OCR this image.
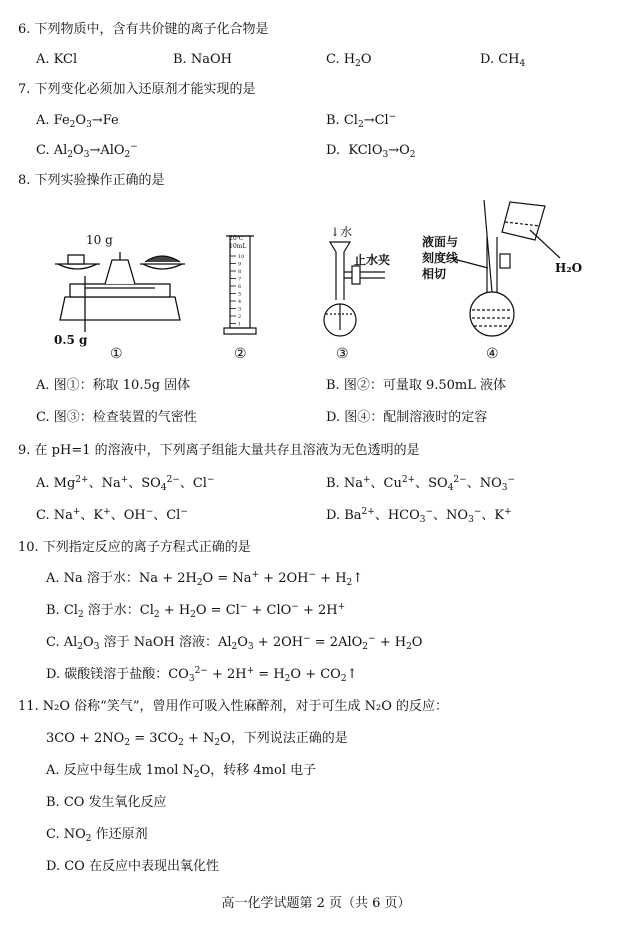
6. 下列物质中，含有共价键的离子化合物是
A. KCl	B. NaOH	C. $H_2O$	D. $CH_4$
7. 下列变化必须加入还原剂才能实现的是
A. $Fe_2O_3\to Fe$	B. $Cl_2\to Cl^-$
C. $Al_2O_3\to AlO_2^-$	D.  $KClO_3\to O_2$
8. 下列实验操作正确的是
10 g
0.5 g
①
10
9
8
7
6
5
4
3
2
1
20℃
10mL
②
↓水
止水夹
③
液面与
刻度线
相切	H₂O
④
A. 图①：称取 10.5g 固体	B. 图②：可量取 9.50mL 液体
C. 图③：检查装置的气密性	D. 图④：配制溶液时的定容
9. 在 pH=1 的溶液中，下列离子组能大量共存且溶液为无色透明的是
A. $Mg^{2+}$、Na+、$SO_4^{2-}$、Cl−	B. Na+、$Cu^{2+}$、$SO_4^{2-}$、$NO_3^-$
C. Na+、K+、OH−、Cl−	D. $Ba^{2+}$、$HCO_3^-$、$NO_3^-$、K+
10. 下列指定反应的离子方程式正确的是
A. Na 溶于水：$Na + 2H_2O = Na^+ + 2OH^-$ + $H_2↑$
B. $Cl_2$ 溶于水：$Cl_2 + H_2O = Cl^- + ClO^- + 2H^+$
C. $Al_2O_3$ 溶于 NaOH 溶液：$Al_2O_3 + 2OH^- = 2AlO_2^- + H_2O$
D. 碳酸镁溶于盐酸：$CO_3^{2-} + 2H^+ = H_2O$ + $CO_2↑$
11. N₂O 俗称“笑气”，曾用作可吸入性麻醉剂，对于可生成 N₂O 的反应：
$3CO + 2NO_2 = 3CO_2 + N_2O$，下列说法正确的是
A. 反应中每生成 1mol $N_2O$，转移 4mol 电子
B. CO 发生氧化反应
C. $NO_2$ 作还原剂
D. CO 在反应中表现出氧化性
高一化学试题第 2 页（共 6 页）
